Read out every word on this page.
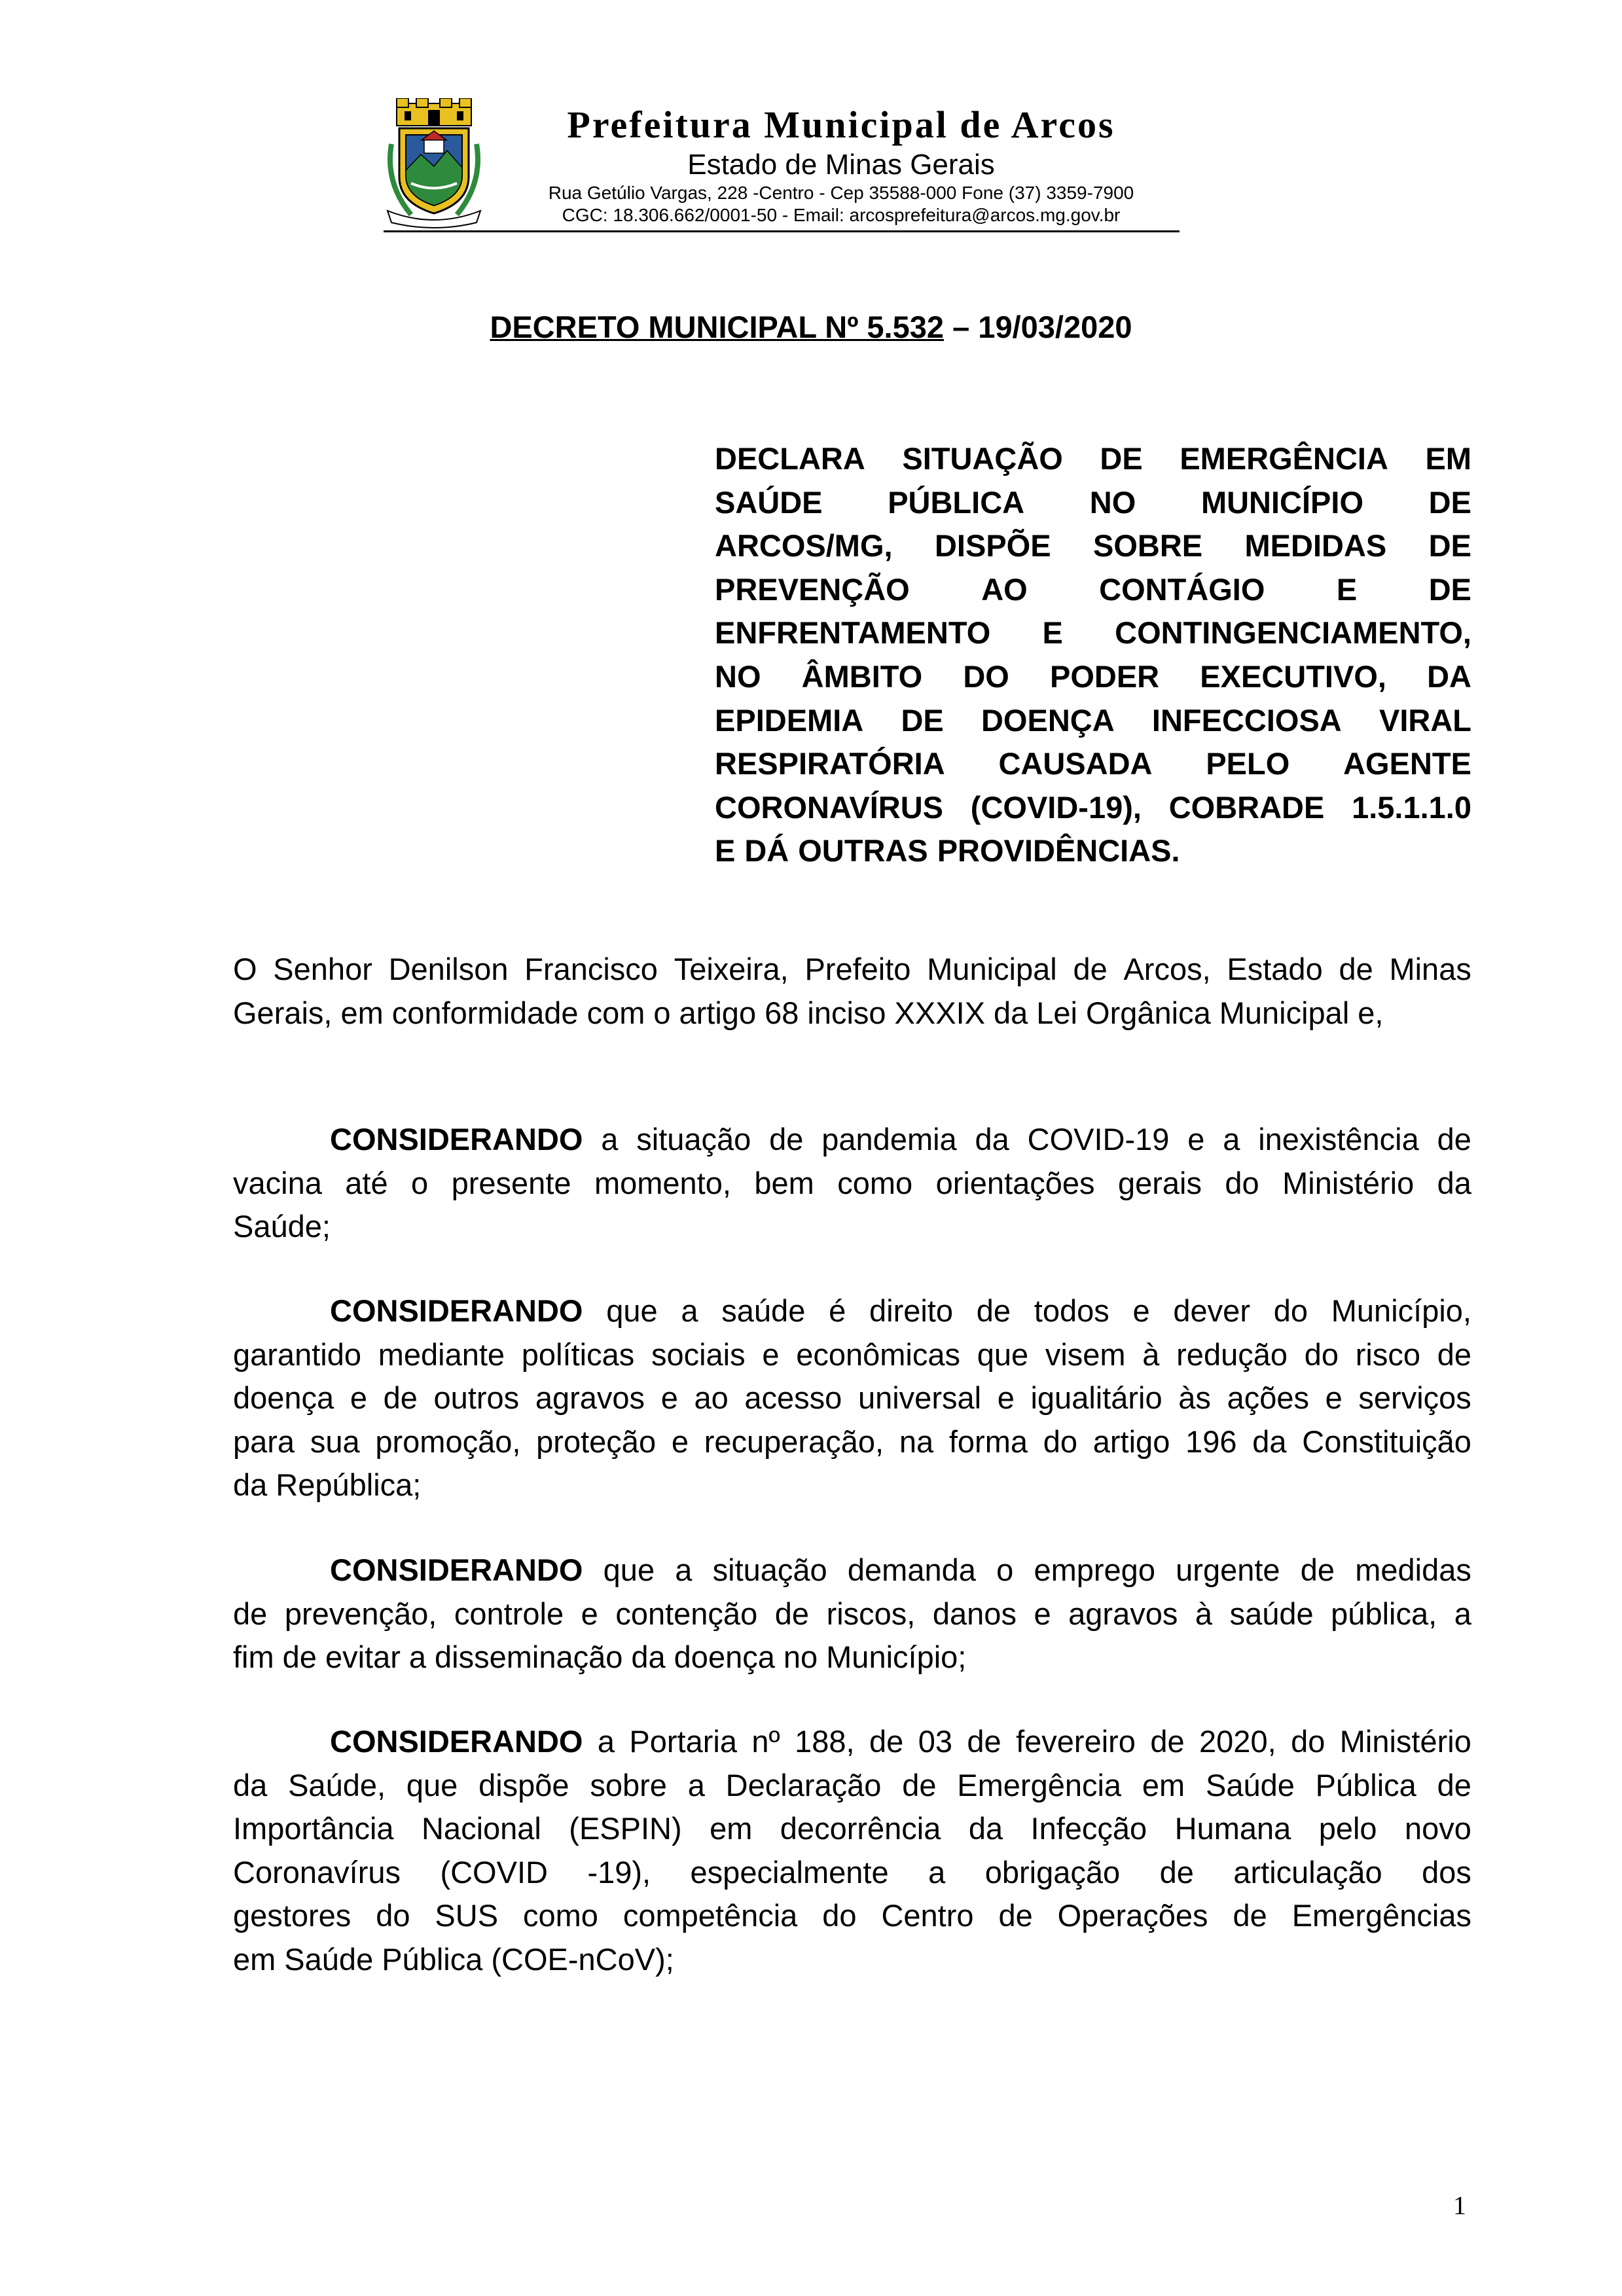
Prefeitura Municipal de Arcos
Estado de Minas Gerais
Rua Getúlio Vargas, 228 -Centro - Cep 35588-000 Fone (37) 3359-7900
CGC: 18.306.662/0001-50 - Email: arcosprefeitura@arcos.mg.gov.br
DECRETO MUNICIPAL Nº 5.532 – 19/03/2020
DECLARA SITUAÇÃO DE EMERGÊNCIA EM
SAÚDE PÚBLICA NO MUNICÍPIO DE
ARCOS/MG, DISPÕE SOBRE MEDIDAS DE
PREVENÇÃO AO CONTÁGIO E DE
ENFRENTAMENTO E CONTINGENCIAMENTO,
NO ÂMBITO DO PODER EXECUTIVO, DA
EPIDEMIA DE DOENÇA INFECCIOSA VIRAL
RESPIRATÓRIA CAUSADA PELO AGENTE
CORONAVÍRUS (COVID-19), COBRADE 1.5.1.1.0
E DÁ OUTRAS PROVIDÊNCIAS.
O Senhor Denilson Francisco Teixeira, Prefeito Municipal de Arcos, Estado de Minas
Gerais, em conformidade com o artigo 68 inciso XXXIX da Lei Orgânica Municipal e,
CONSIDERANDO a situação de pandemia da COVID-19 e a inexistência de
vacina até o presente momento, bem como orientações gerais do Ministério da
Saúde;
CONSIDERANDO que a saúde é direito de todos e dever do Município,
garantido mediante políticas sociais e econômicas que visem à redução do risco de
doença e de outros agravos e ao acesso universal e igualitário às ações e serviços
para sua promoção, proteção e recuperação, na forma do artigo 196 da Constituição
da República;
CONSIDERANDO que a situação demanda o emprego urgente de medidas
de prevenção, controle e contenção de riscos, danos e agravos à saúde pública, a
fim de evitar a disseminação da doença no Município;
CONSIDERANDO a Portaria nº 188, de 03 de fevereiro de 2020, do Ministério
da Saúde, que dispõe sobre a Declaração de Emergência em Saúde Pública de
Importância Nacional (ESPIN) em decorrência da Infecção Humana pelo novo
Coronavírus (COVID -19), especialmente a obrigação de articulação dos
gestores do SUS como competência do Centro de Operações de Emergências
em Saúde Pública (COE-nCoV);
1
